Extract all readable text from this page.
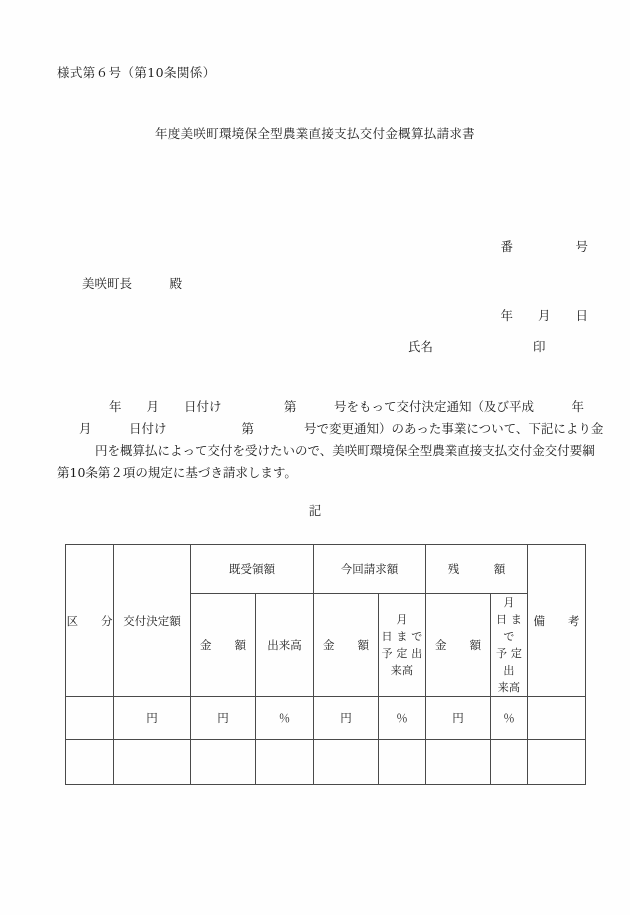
様式第６号（第10条関係）
年度美咲町環境保全型農業直接支払交付金概算払請求書

番　　　　　号

年　　月　　日

美咲町長　　　殿
氏名　　　　　　　　印
年　　月　　日付け　　　　　第　　　号をもって交付決定通知（及び平成　　　年
月　　　日付け　　　　　　第　　　　号で変更通知）のあった事業について、下記により金
円を概算払によって交付を受けたいので、美咲町環境保全型農業直接支払交付金交付要綱
第10条第２項の規定に基づき請求します。
記
区　　分	交付決定額	既受領額		今回請求額		残　　　額		備　　考
		金　　額	出来高	金　　額	月
日 ま で
予 定 出
来高	金　　額	月
日 ま で
予 定 出
来高	

	円	円	％	円	％	円	％	
